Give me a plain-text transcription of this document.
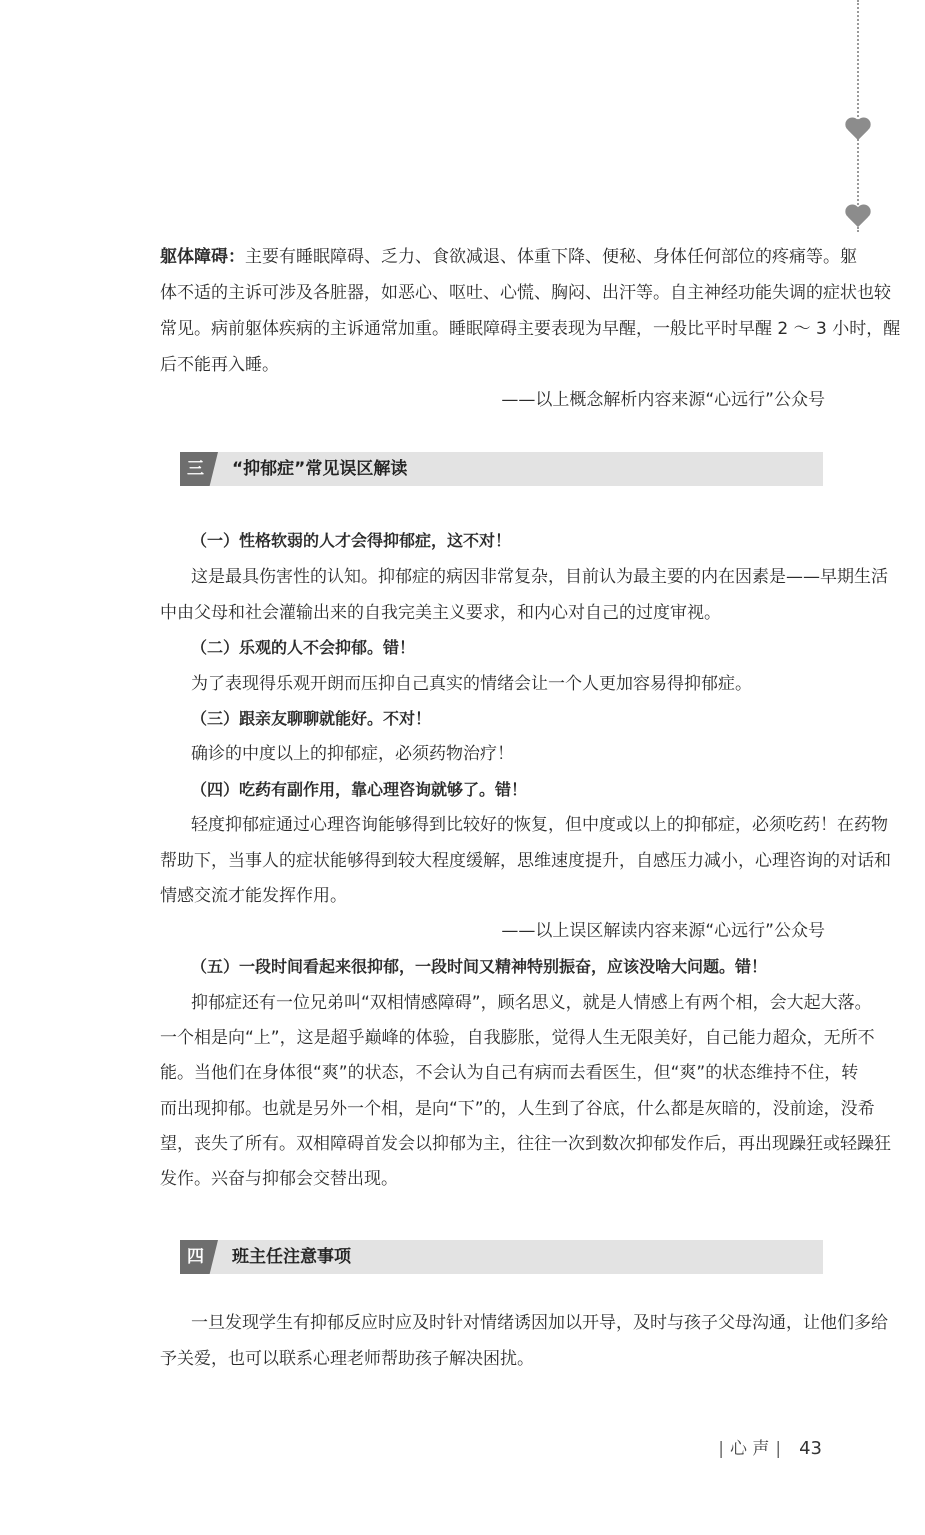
躯体障碍：主要有睡眠障碍、乏力、食欲减退、体重下降、便秘、身体任何部位的疼痛等。躯
体不适的主诉可涉及各脏器，如恶心、呕吐、心慌、胸闷、出汗等。自主神经功能失调的症状也较
常见。病前躯体疾病的主诉通常加重。睡眠障碍主要表现为早醒，一般比平时早醒 2 ～ 3 小时，醒
后不能再入睡。
——以上概念解析内容来源“心远行”公众号
三	“抑郁症”常见误区解读
（一）性格软弱的人才会得抑郁症，这不对！
这是最具伤害性的认知。抑郁症的病因非常复杂，目前认为最主要的内在因素是——早期生活
中由父母和社会灌输出来的自我完美主义要求，和内心对自己的过度审视。
（二）乐观的人不会抑郁。错！
为了表现得乐观开朗而压抑自己真实的情绪会让一个人更加容易得抑郁症。
（三）跟亲友聊聊就能好。不对！
确诊的中度以上的抑郁症，必须药物治疗！
（四）吃药有副作用，靠心理咨询就够了。错！
轻度抑郁症通过心理咨询能够得到比较好的恢复，但中度或以上的抑郁症，必须吃药！在药物
帮助下，当事人的症状能够得到较大程度缓解，思维速度提升，自感压力减小，心理咨询的对话和
情感交流才能发挥作用。
——以上误区解读内容来源“心远行”公众号
（五）一段时间看起来很抑郁，一段时间又精神特别振奋，应该没啥大问题。错！
抑郁症还有一位兄弟叫“双相情感障碍”，顾名思义，就是人情感上有两个相，会大起大落。
一个相是向“上”，这是超乎巅峰的体验，自我膨胀，觉得人生无限美好，自己能力超众，无所不
能。当他们在身体很“爽”的状态，不会认为自己有病而去看医生，但“爽”的状态维持不住，转
而出现抑郁。也就是另外一个相，是向“下”的，人生到了谷底，什么都是灰暗的，没前途，没希
望，丧失了所有。双相障碍首发会以抑郁为主，往往一次到数次抑郁发作后，再出现躁狂或轻躁狂
发作。兴奋与抑郁会交替出现。
四	班主任注意事项
一旦发现学生有抑郁反应时应及时针对情绪诱因加以开导，及时与孩子父母沟通，让他们多给
予关爱，也可以联系心理老师帮助孩子解决困扰。
| 心 声 | 43
